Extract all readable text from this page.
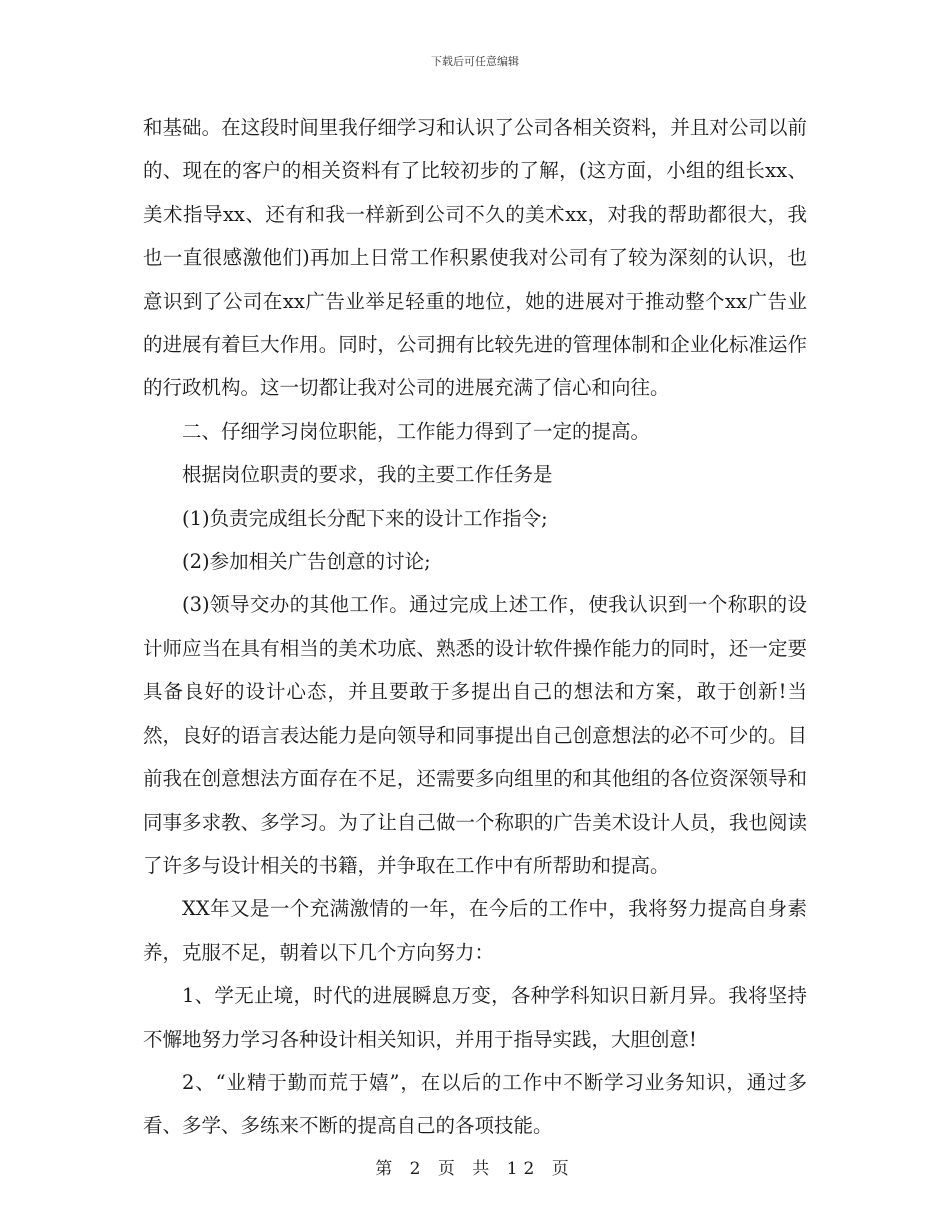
下载后可任意编辑

和基础。在这段时间里我仔细学习和认识了公司各相关资料，并且对公司以前的、现在的客户的相关资料有了比较初步的了解，(这方面，小组的组长xx、美术指导xx、还有和我一样新到公司不久的美术xx，对我的帮助都很大，我也一直很感激他们)再加上日常工作积累使我对公司有了较为深刻的认识，也意识到了公司在xx广告业举足轻重的地位，她的进展对于推动整个xx广告业的进展有着巨大作用。同时，公司拥有比较先进的管理体制和企业化标准运作的行政机构。这一切都让我对公司的进展充满了信心和向往。

二、仔细学习岗位职能，工作能力得到了一定的提高。

根据岗位职责的要求，我的主要工作任务是

(1)负责完成组长分配下来的设计工作指令;

(2)参加相关广告创意的讨论;

(3)领导交办的其他工作。通过完成上述工作，使我认识到一个称职的设计师应当在具有相当的美术功底、熟悉的设计软件操作能力的同时，还一定要具备良好的设计心态，并且要敢于多提出自己的想法和方案，敢于创新!当然，良好的语言表达能力是向领导和同事提出自己创意想法的必不可少的。目前我在创意想法方面存在不足，还需要多向组里的和其他组的各位资深领导和同事多求教、多学习。为了让自己做一个称职的广告美术设计人员，我也阅读了许多与设计相关的书籍，并争取在工作中有所帮助和提高。

XX年又是一个充满激情的一年，在今后的工作中，我将努力提高自身素养，克服不足，朝着以下几个方向努力：

1、学无止境，时代的进展瞬息万变，各种学科知识日新月异。我将坚持不懈地努力学习各种设计相关知识，并用于指导实践，大胆创意!

2、“业精于勤而荒于嬉”，在以后的工作中不断学习业务知识，通过多看、多学、多练来不断的提高自己的各项技能。

第 2 页 共 12 页
